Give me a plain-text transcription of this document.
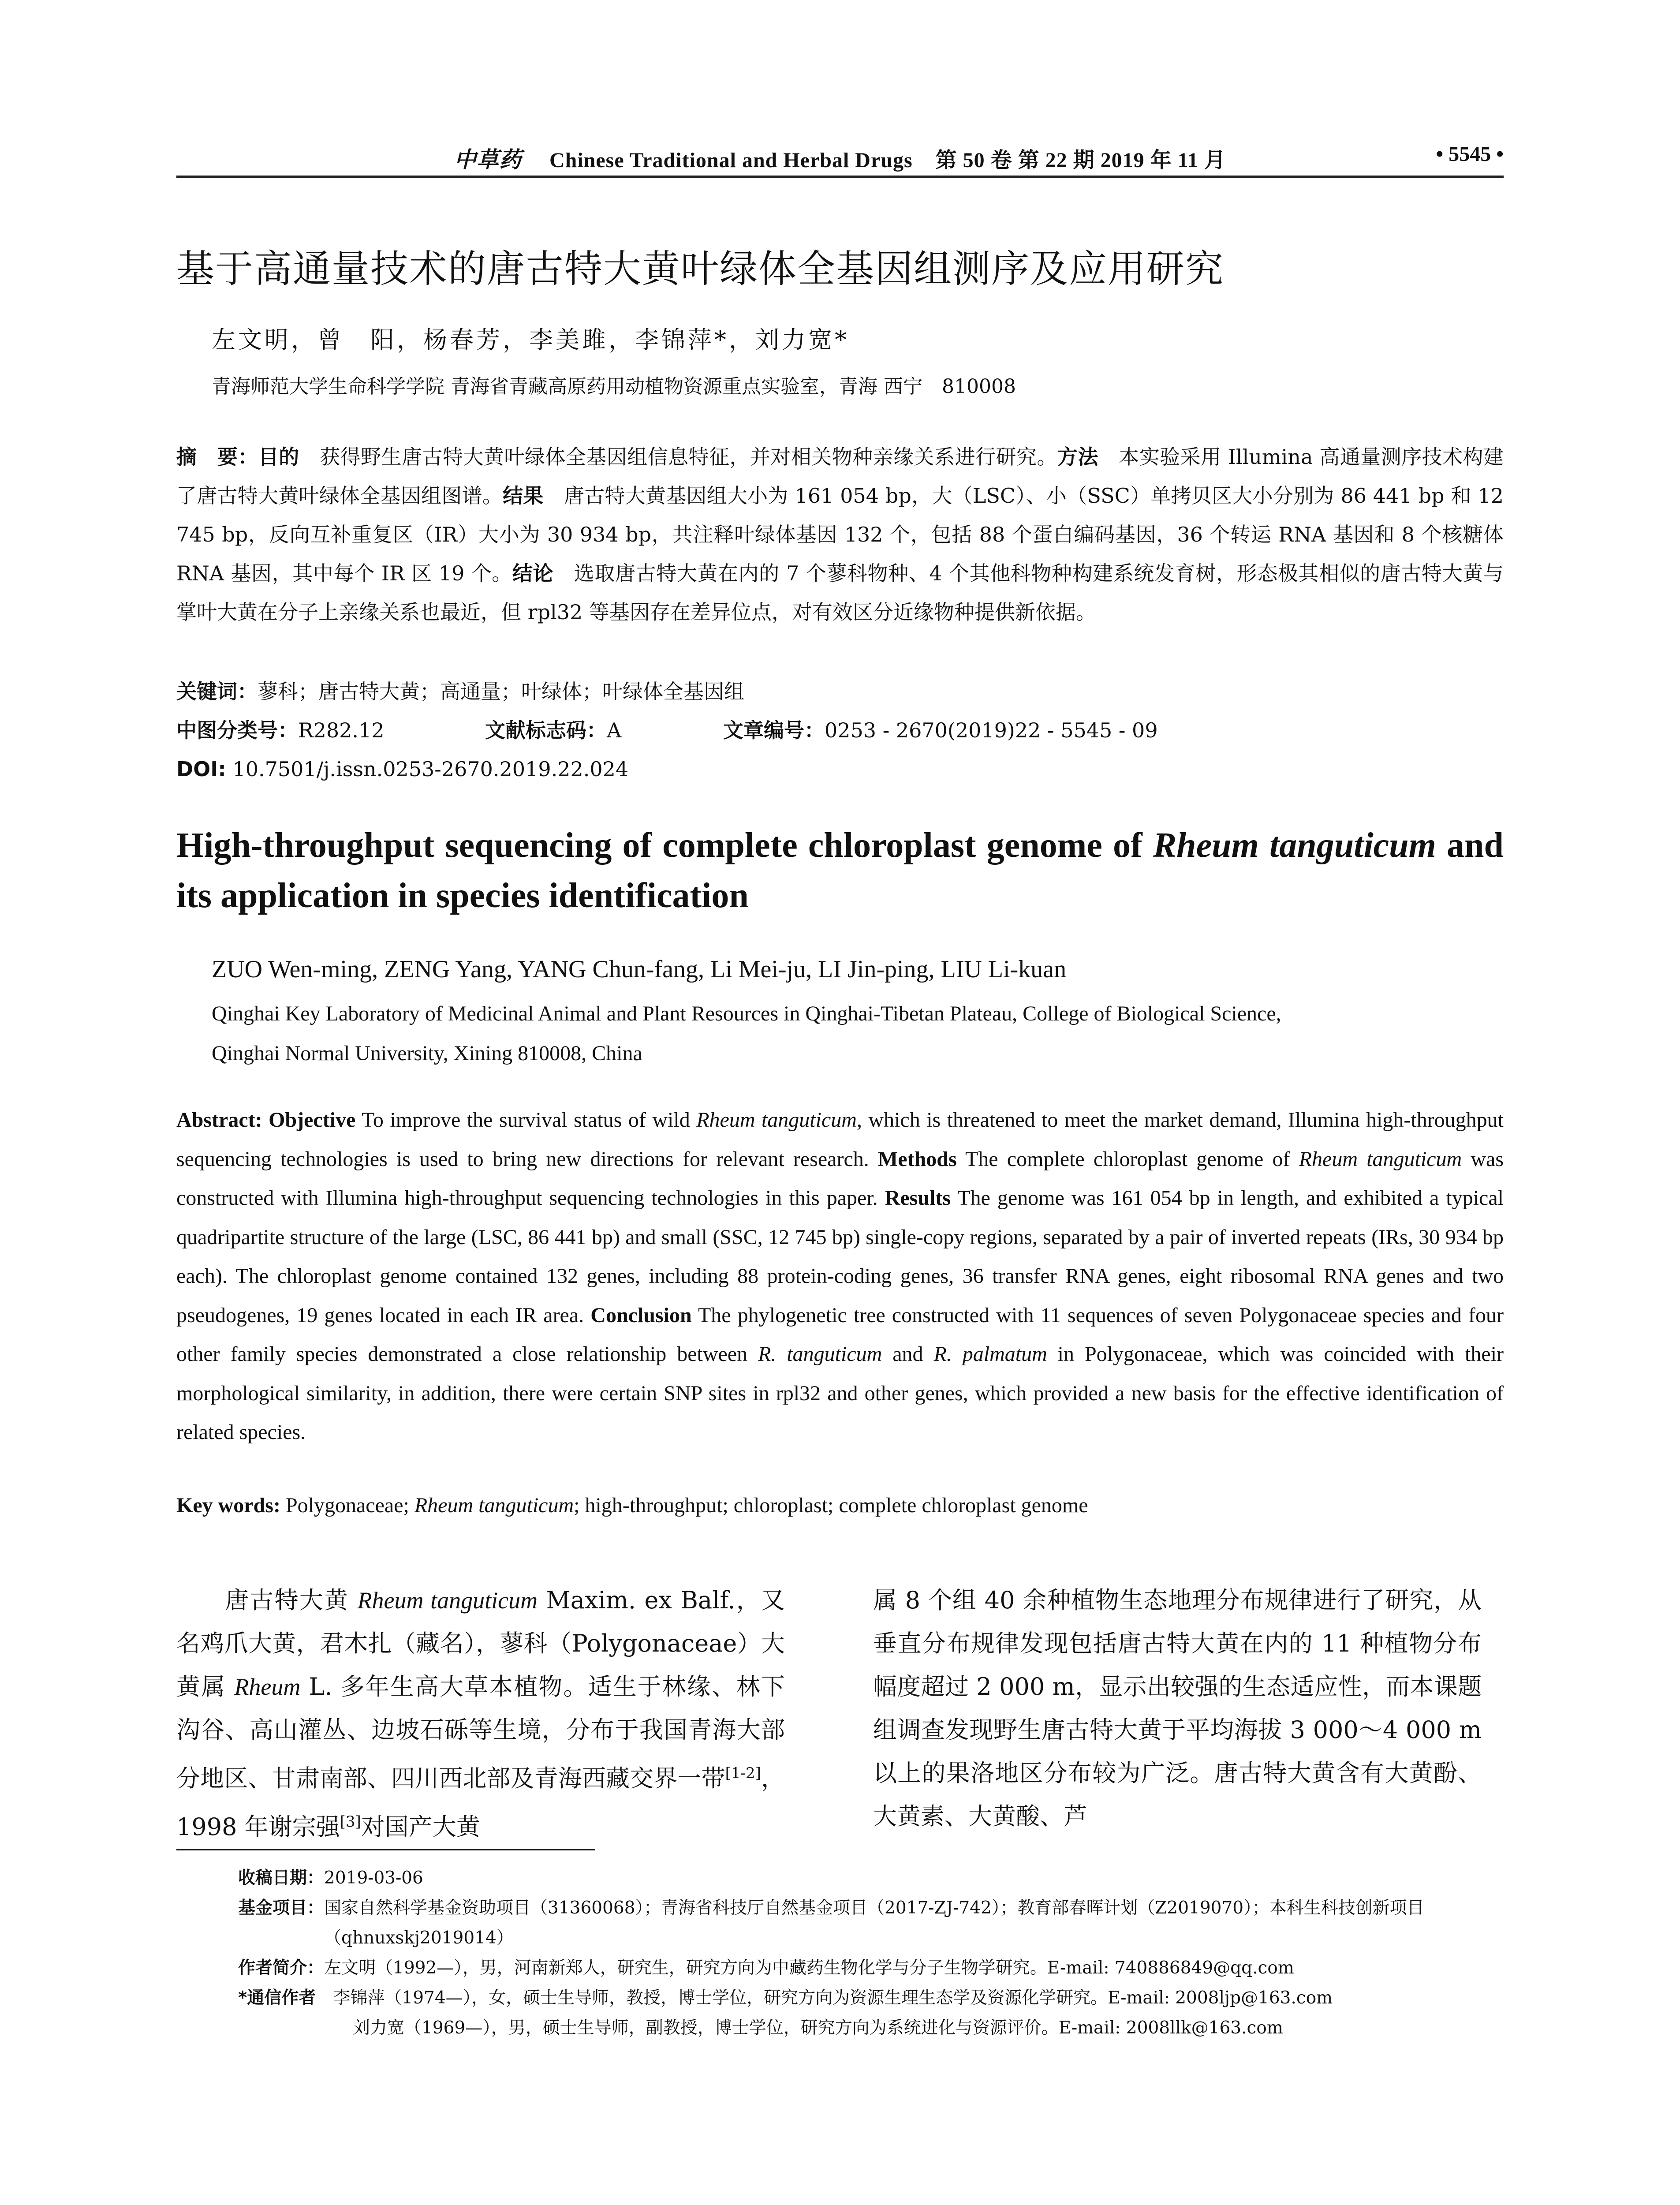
中草药 Chinese Traditional and Herbal Drugs 第 50 卷 第 22 期 2019 年 11 月	• 5545 •
基于高通量技术的唐古特大黄叶绿体全基因组测序及应用研究
左文明，曾　阳，杨春芳，李美雎，李锦萍*，刘力宽*
青海师范大学生命科学学院 青海省青藏高原药用动植物资源重点实验室，青海 西宁　810008
摘　要：目的　获得野生唐古特大黄叶绿体全基因组信息特征，并对相关物种亲缘关系进行研究。方法　本实验采用 Illumina 高通量测序技术构建了唐古特大黄叶绿体全基因组图谱。结果　唐古特大黄基因组大小为 161 054 bp，大（LSC）、小（SSC）单拷贝区大小分别为 86 441 bp 和 12 745 bp，反向互补重复区（IR）大小为 30 934 bp，共注释叶绿体基因 132 个，包括 88 个蛋白编码基因，36 个转运 RNA 基因和 8 个核糖体 RNA 基因，其中每个 IR 区 19 个。结论　选取唐古特大黄在内的 7 个蓼科物种、4 个其他科物种构建系统发育树，形态极其相似的唐古特大黄与掌叶大黄在分子上亲缘关系也最近，但 rpl32 等基因存在差异位点，对有效区分近缘物种提供新依据。
关键词：蓼科；唐古特大黄；高通量；叶绿体；叶绿体全基因组
中图分类号：R282.12	文献标志码：A	文章编号：0253 - 2670(2019)22 - 5545 - 09
DOI: 10.7501/j.issn.0253-2670.2019.22.024
High-throughput sequencing of complete chloroplast genome of Rheum tanguticum and its application in species identification
ZUO Wen-ming, ZENG Yang, YANG Chun-fang, Li Mei-ju, LI Jin-ping, LIU Li-kuan
Qinghai Key Laboratory of Medicinal Animal and Plant Resources in Qinghai-Tibetan Plateau, College of Biological Science,
Qinghai Normal University, Xining 810008, China
Abstract: Objective To improve the survival status of wild Rheum tanguticum, which is threatened to meet the market demand, Illumina high-throughput sequencing technologies is used to bring new directions for relevant research. Methods The complete chloroplast genome of Rheum tanguticum was constructed with Illumina high-throughput sequencing technologies in this paper. Results The genome was 161 054 bp in length, and exhibited a typical quadripartite structure of the large (LSC, 86 441 bp) and small (SSC, 12 745 bp) single-copy regions, separated by a pair of inverted repeats (IRs, 30 934 bp each). The chloroplast genome contained 132 genes, including 88 protein-coding genes, 36 transfer RNA genes, eight ribosomal RNA genes and two pseudogenes, 19 genes located in each IR area. Conclusion The phylogenetic tree constructed with 11 sequences of seven Polygonaceae species and four other family species demonstrated a close relationship between R. tanguticum and R. palmatum in Polygonaceae, which was coincided with their morphological similarity, in addition, there were certain SNP sites in rpl32 and other genes, which provided a new basis for the effective identification of related species.
Key words: Polygonaceae; Rheum tanguticum; high-throughput; chloroplast; complete chloroplast genome
唐古特大黄 Rheum tanguticum Maxim. ex Balf.，又名鸡爪大黄，君木扎（藏名），蓼科（Polygonaceae）大黄属 Rheum L. 多年生高大草本植物。适生于林缘、林下沟谷、高山灌丛、边坡石砾等生境，分布于我国青海大部分地区、甘肃南部、四川西北部及青海西藏交界一带[1-2]，1998 年谢宗强[3]对国产大黄
属 8 个组 40 余种植物生态地理分布规律进行了研究，从垂直分布规律发现包括唐古特大黄在内的 11 种植物分布幅度超过 2 000 m，显示出较强的生态适应性，而本课题组调查发现野生唐古特大黄于平均海拔 3 000～4 000 m 以上的果洛地区分布较为广泛。唐古特大黄含有大黄酚、大黄素、大黄酸、芦
收稿日期： 2019-03-06
基金项目： 国家自然科学基金资助项目（31360068）；青海省科技厅自然基金项目（2017-ZJ-742）；教育部春晖计划（Z2019070）；本科生科技创新项目（qhnuxskj2019014）
作者简介： 左文明（1992—），男，河南新郑人，研究生，研究方向为中藏药生物化学与分子生物学研究。E-mail: 740886849@qq.com
*通信作者　 李锦萍（1974—），女，硕士生导师，教授，博士学位，研究方向为资源生理生态学及资源化学研究。E-mail: 2008ljp@163.com
刘力宽（1969—），男，硕士生导师，副教授，博士学位，研究方向为系统进化与资源评价。E-mail: 2008llk@163.com
